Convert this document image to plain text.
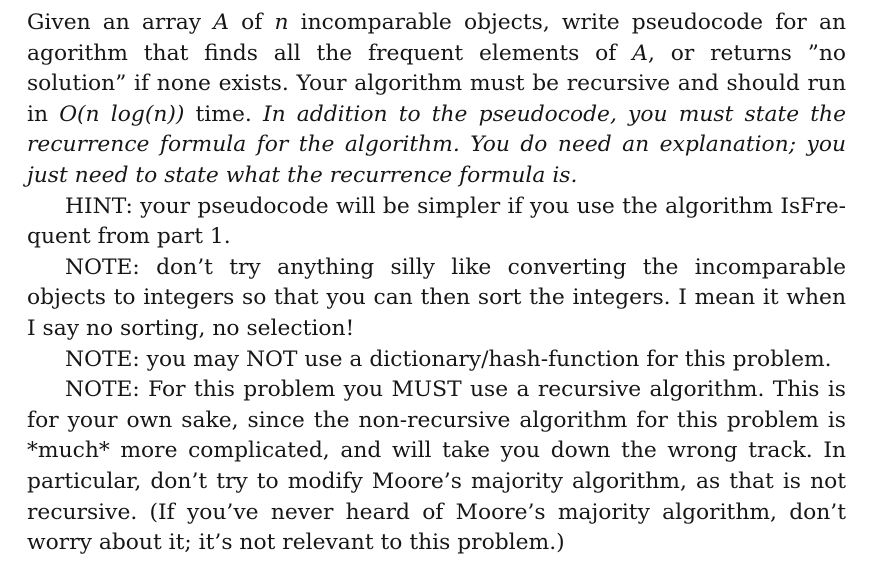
Given an array A of n incomparable objects, write pseudocode for an agorithm that finds all the frequent elements of A, or returns ”no solution” if none exists. Your algorithm must be recursive and should run in O(n log(n)) time. In addition to the pseudocode, you must state the recurrence formula for the algorithm. You do need an explanation; you just need to state what the recurrence formula is.

HINT: your pseudocode will be simpler if you use the algorithm IsFrequent from part 1.

NOTE: don’t try anything silly like converting the incomparable objects to integers so that you can then sort the integers. I mean it when I say no sorting, no selection!

NOTE: you may NOT use a dictionary/hash-function for this problem.

NOTE: For this problem you MUST use a recursive algorithm. This is for your own sake, since the non-recursive algorithm for this problem is *much* more complicated, and will take you down the wrong track. In particular, don’t try to modify Moore’s majority algorithm, as that is not recursive. (If you’ve never heard of Moore’s majority algorithm, don’t worry about it; it’s not relevant to this problem.)
